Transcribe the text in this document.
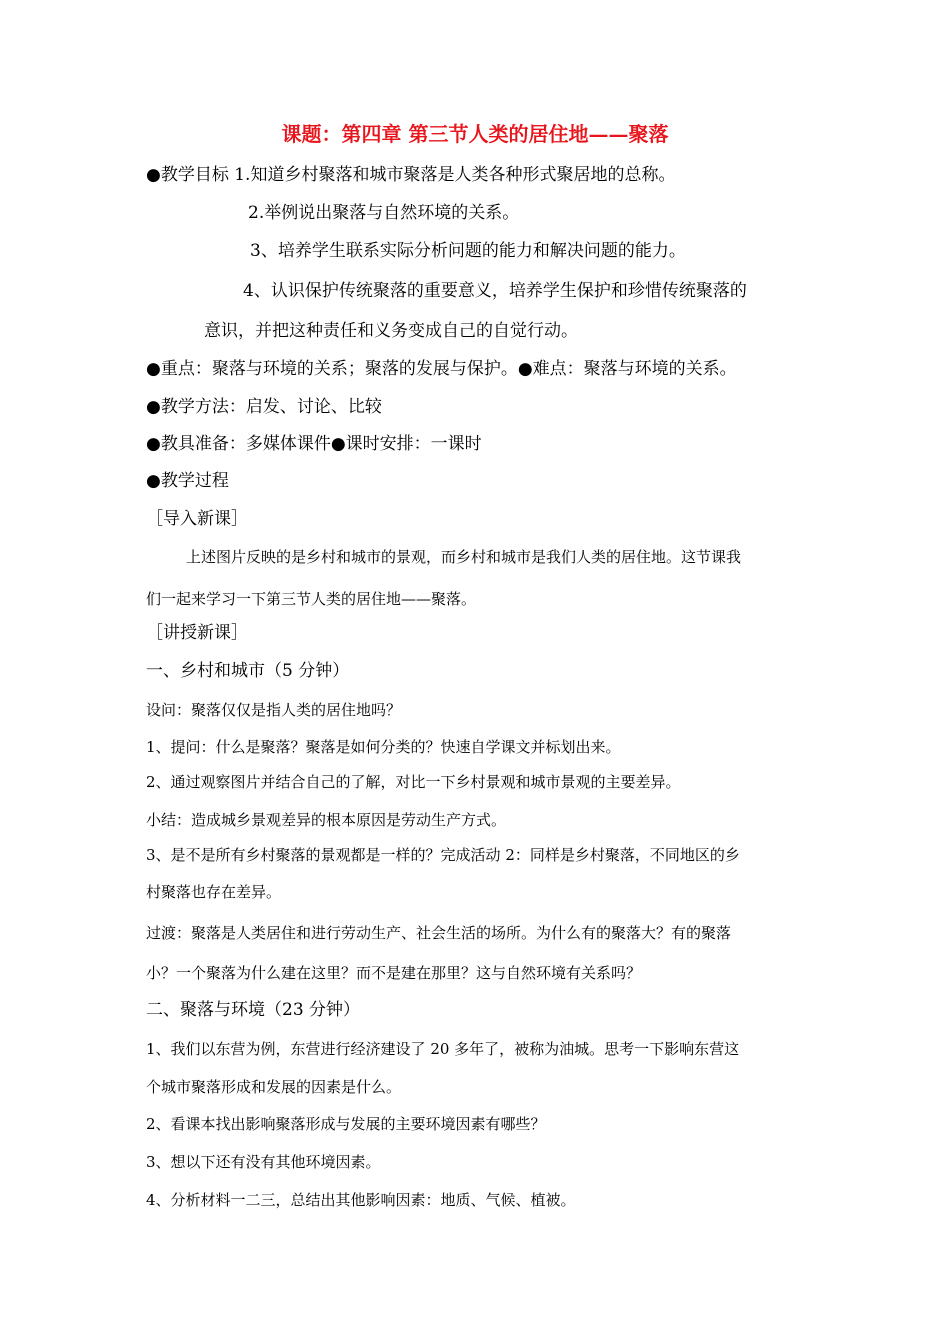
课题：第四章 第三节人类的居住地——聚落
●教学目标 1.知道乡村聚落和城市聚落是人类各种形式聚居地的总称。
2.举例说出聚落与自然环境的关系。
3、培养学生联系实际分析问题的能力和解决问题的能力。
4、认识保护传统聚落的重要意义，培养学生保护和珍惜传统聚落的
意识，并把这种责任和义务变成自己的自觉行动。
●重点：聚落与环境的关系；聚落的发展与保护。●难点：聚落与环境的关系。
●教学方法：启发、讨论、比较
●教具准备：多媒体课件●课时安排：一课时
●教学过程
［导入新课］
上述图片反映的是乡村和城市的景观，而乡村和城市是我们人类的居住地。这节课我
们一起来学习一下第三节人类的居住地——聚落。
［讲授新课］
一、乡村和城市（5 分钟）
设问：聚落仅仅是指人类的居住地吗？
1、提问：什么是聚落？聚落是如何分类的？快速自学课文并标划出来。
2、通过观察图片并结合自己的了解，对比一下乡村景观和城市景观的主要差异。
小结：造成城乡景观差异的根本原因是劳动生产方式。
3、是不是所有乡村聚落的景观都是一样的？完成活动 2：同样是乡村聚落，不同地区的乡
村聚落也存在差异。
过渡：聚落是人类居住和进行劳动生产、社会生活的场所。为什么有的聚落大？有的聚落
小？一个聚落为什么建在这里？而不是建在那里？这与自然环境有关系吗？
二、聚落与环境（23 分钟）
1、我们以东营为例，东营进行经济建设了 20 多年了，被称为油城。思考一下影响东营这
个城市聚落形成和发展的因素是什么。
2、看课本找出影响聚落形成与发展的主要环境因素有哪些？
3、想以下还有没有其他环境因素。
4、分析材料一二三，总结出其他影响因素：地质、气候、植被。
